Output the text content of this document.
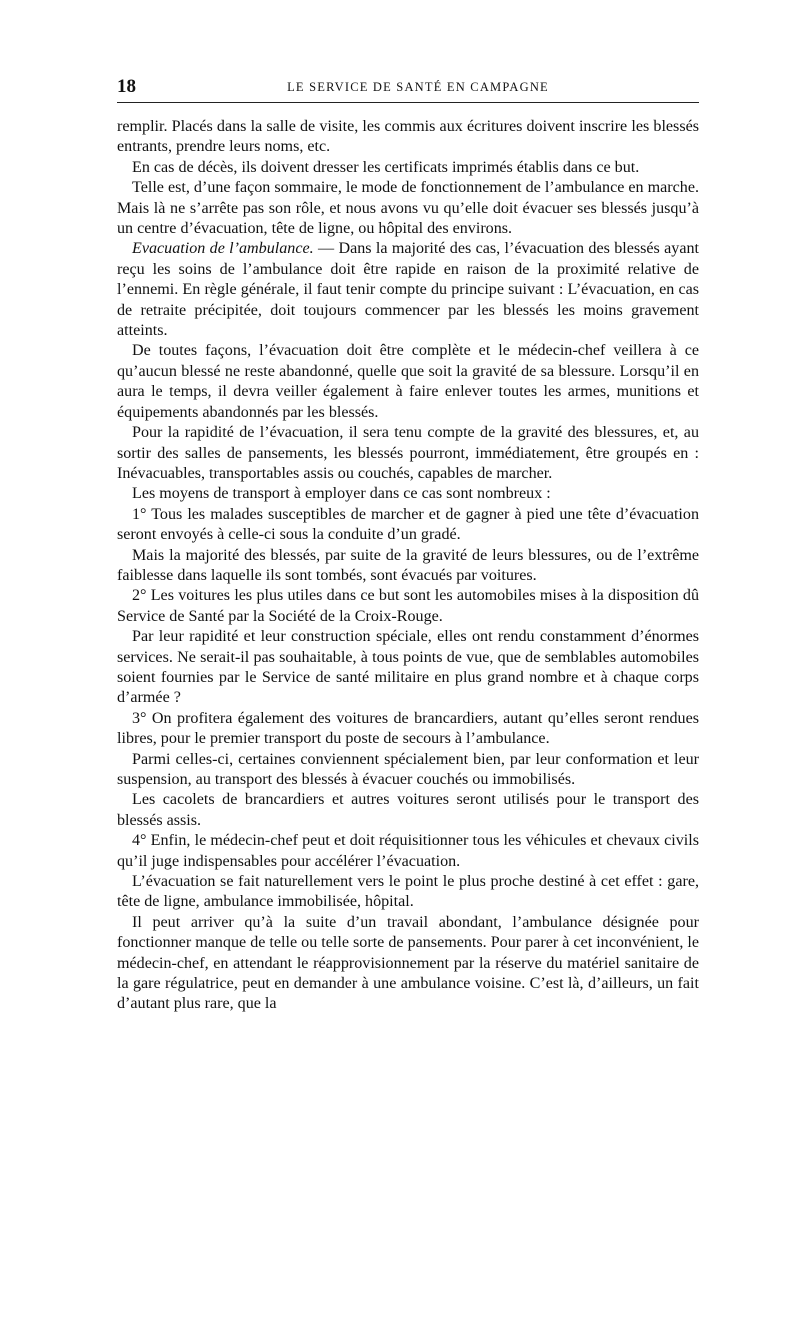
18	LE SERVICE DE SANTÉ EN CAMPAGNE

remplir. Placés dans la salle de visite, les commis aux écritures doivent inscrire les blessés entrants, prendre leurs noms, etc.

En cas de décès, ils doivent dresser les certificats imprimés établis dans ce but.

Telle est, d’une façon sommaire, le mode de fonctionnement de l’ambulance en marche. Mais là ne s’arrête pas son rôle, et nous avons vu qu’elle doit évacuer ses blessés jusqu’à un centre d’évacuation, tête de ligne, ou hôpital des environs.

Evacuation de l’ambulance. — Dans la majorité des cas, l’évacuation des blessés ayant reçu les soins de l’ambulance doit être rapide en raison de la proximité relative de l’ennemi. En règle générale, il faut tenir compte du principe suivant : L’évacuation, en cas de retraite précipitée, doit toujours commencer par les blessés les moins gravement atteints.

De toutes façons, l’évacuation doit être complète et le médecin-chef veillera à ce qu’aucun blessé ne reste abandonné, quelle que soit la gravité de sa blessure. Lorsqu’il en aura le temps, il devra veiller également à faire enlever toutes les armes, munitions et équipements abandonnés par les blessés.

Pour la rapidité de l’évacuation, il sera tenu compte de la gravité des blessures, et, au sortir des salles de pansements, les blessés pourront, immédiatement, être groupés en : Inévacuables, transportables assis ou couchés, capables de marcher.

Les moyens de transport à employer dans ce cas sont nombreux :

1° Tous les malades susceptibles de marcher et de gagner à pied une tête d’évacuation seront envoyés à celle-ci sous la conduite d’un gradé.

Mais la majorité des blessés, par suite de la gravité de leurs blessures, ou de l’extrême faiblesse dans laquelle ils sont tombés, sont évacués par voitures.

2° Les voitures les plus utiles dans ce but sont les automobiles mises à la disposition dû Service de Santé par la Société de la Croix-Rouge.

Par leur rapidité et leur construction spéciale, elles ont rendu constamment d’énormes services. Ne serait-il pas souhaitable, à tous points de vue, que de semblables automobiles soient fournies par le Service de santé militaire en plus grand nombre et à chaque corps d’armée ?

3° On profitera également des voitures de brancardiers, autant qu’elles seront rendues libres, pour le premier transport du poste de secours à l’ambulance.

Parmi celles-ci, certaines conviennent spécialement bien, par leur conformation et leur suspension, au transport des blessés à évacuer couchés ou immobilisés.

Les cacolets de brancardiers et autres voitures seront utilisés pour le transport des blessés assis.

4° Enfin, le médecin-chef peut et doit réquisitionner tous les véhicules et chevaux civils qu’il juge indispensables pour accélérer l’évacuation.

L’évacuation se fait naturellement vers le point le plus proche destiné à cet effet : gare, tête de ligne, ambulance immobilisée, hôpital.

Il peut arriver qu’à la suite d’un travail abondant, l’ambulance désignée pour fonctionner manque de telle ou telle sorte de pansements. Pour parer à cet inconvénient, le médecin-chef, en attendant le réapprovisionnement par la réserve du matériel sanitaire de la gare régulatrice, peut en demander à une ambulance voisine. C’est là, d’ailleurs, un fait d’autant plus rare, que la
